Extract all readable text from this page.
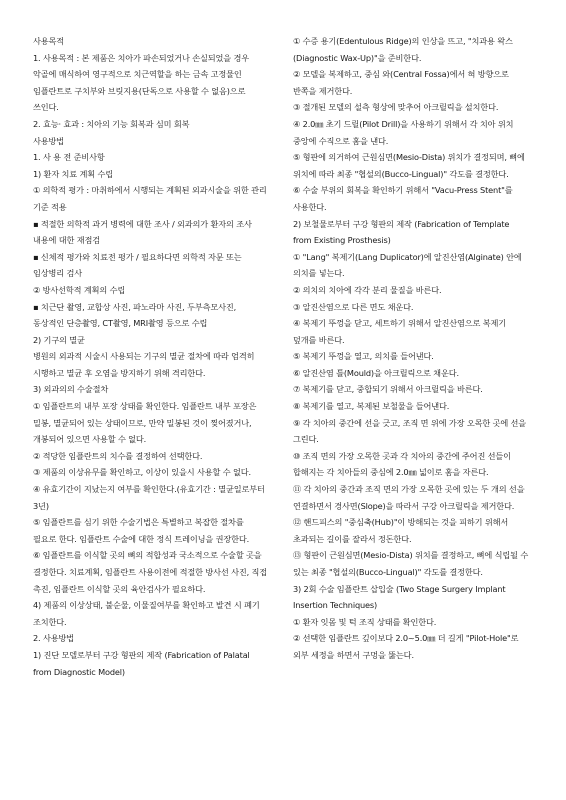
사용목적

1. 사용목적 : 본 제품은 치아가 파손되었거나 손실되었을 경우 악골에 매식하여 영구적으로 치근역할을 하는 금속 고정물인 임플란트로 구치부와 브릿지용(단독으로 사용할 수 없음)으로 쓰인다.

2. 효능· 효과 : 치아의 기능 회복과 심미 회복

사용방법

1. 사 용 전 준비사항

1) 환자 치료 계획 수립

① 의학적 평가 : 마취하에서 시행되는 계획된 외과시술을 위한 관리 기준 적용

▪ 적절한 의학적 과거 병력에 대한 조사 / 외과의가 환자의 조사 내용에 대한 재점검

▪ 신체적 평가와 치료전 평가 / 필요하다면 의학적 자문 또는 임상병리 검사

② 방사선학적 계획의 수립

▪ 치근단 촬영, 교합상 사진, 파노라마 사진, 두부측모사진, 동상적인 단층촬영, CT촬영, MRI촬영 등으로 수립

2) 기구의 멸균

병원의 외과적 시술시 사용되는 기구의 멸균 절차에 따라 엄격히 시행하고 멸균 후 오염을 방지하기 위해 격리한다.

3) 외과의의 수술절차

① 임플란트의 내부 포장 상태를 확인한다. 임플란트 내부 포장은 밀봉, 멸균되어 있는 상태이므로, 만약 밀봉된 것이 찢어졌거나, 개봉되어 있으면 사용할 수 없다.

② 적당한 임플란트의 치수를 결정하여 선택한다.

③ 제품의 이상유무를 확인하고, 이상이 있을시 사용할 수 없다.

④ 유효기간이 지났는지 여부를 확인한다.(유효기간 : 멸균일로부터 3년)

⑤ 임플란트를 심기 위한 수술기법은 특별하고 복잡한 절차를 필요로 한다. 임플란트 수술에 대한 정식 트레이닝을 권장한다.

⑥ 임플란트를 이식할 곳의 뼈의 적합성과 국소적으로 수술할 곳을 결정한다. 치료계획, 임플란트 사용이전에 적절한 방사선 사진, 직접 촉진, 임플란트 이식할 곳의 육안검사가 필요하다.

4) 제품의 이상상태, 불순물, 이물질여부를 확인하고 발견 시 폐기 조치한다.

2. 사용방법

1) 진단 모델로부터 구강 형판의 제작 (Fabrication of Palatal from Diagnostic Model)

① 수증 용기(Edentulous Ridge)의 인상을 뜨고, "치과용 왁스(Diagnostic Wax-Up)"을 준비한다.

② 모델을 복제하고, 중심 와(Central Fossa)에서 혀 방향으로 반쪽을 제거한다.

③ 절개된 모델의 설측 형상에 맞추어 아크릴릭을 설치한다.

④ 2.0㎜ 초기 드릴(Pilot Drill)을 사용하기 위해서 각 치아 위치 중앙에 수직으로 홈을 낸다.

⑤ 형판에 의거하여 근원심면(Mesio-Dista) 위치가 결정되며, 뼈에 위치에 따라 최종 "협설의(Bucco-Lingual)" 각도를 결정한다.

⑥ 수술 부위의 회복을 확인하기 위해서 "Vacu-Press Stent"를 사용한다.

2) 보철물로부터 구강 형판의 제작 (Fabrication of Template from Existing Prosthesis)

① "Lang" 복제기(Lang Duplicator)에 알진산염(Alginate) 안에 의치를 넣는다.

② 의치의 치아에 각각 분리 물질을 바른다.

③ 알진산염으로 다른 면도 채운다.

④ 복제기 뚜껑을 닫고, 세트하기 위해서 알진산염으로 복제기 덮개를 바른다.

⑤ 복제기 뚜껑을 열고, 의치를 들어낸다.

⑥ 알진산염 틀(Mould)을 아크릴릭으로 채운다.

⑦ 복제기를 닫고, 중합되기 위해서 아크릴릭을 바른다.

⑧ 복제기를 열고, 복제된 보철물을 들어낸다.

⑨ 각 치아의 중간에 선을 긋고, 조직 면 위에 가장 오목한 곳에 선을 그린다.

⑩ 조직 면의 가장 오목한 곳과 각 치아의 중간에 주어진 선들이 합해지는 각 치아들의 중심에 2.0㎜ 넓이로 홈을 자른다.

⑪ 각 치아의 중간과 조직 면의 가장 오목한 곳에 있는 두 개의 선을 연결하면서 경사면(Slope)을 따라서 구강 아크릴릭을 제거한다.

⑫ 핸드피스의 "중심축(Hub)"이 방해되는 것을 피하기 위해서 초과되는 길이를 잘라서 정돈한다.

⑬ 형판이 근원심면(Mesio-Dista) 위치를 결정하고, 뼈에 식립될 수 있는 최종 "협설의(Bucco-Lingual)" 각도를 결정한다.

3) 2회 수술 임플란트 삽입술 (Two Stage Surgery Implant Insertion Techniques)

① 환자 잇몸 및 턱 조직 상태를 확인한다.

② 선택한 임플란트 깊이보다 2.0~5.0㎜ 더 길게 "Pilot-Hole"로 외부 세정을 하면서 구멍을 뚫는다.
